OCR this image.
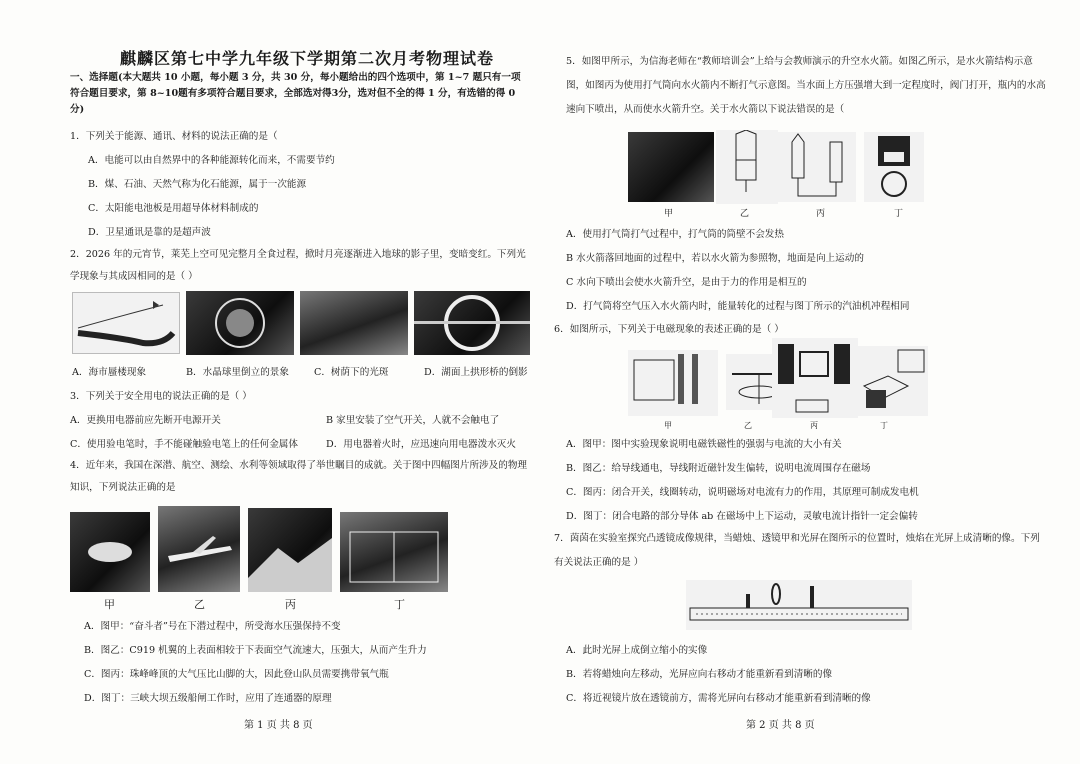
麒麟区第七中学九年级下学期第二次月考物理试卷
一、选择题(本大题共 10 小题，每小题 3 分，共 30 分，每小题给出的四个选项中，第 1~7 题只有一项符合题目要求，第 8~10题有多项符合题目要求，全部选对得3分，选对但不全的得 1 分，有选错的得 0 分)
1．下列关于能源、通讯、材料的说法正确的是（
A．电能可以由自然界中的各种能源转化而来，不需要节约
B．煤、石油、天然气称为化石能源，属于一次能源
C．太阳能电池板是用超导体材料制成的
D．卫星通讯是靠的是超声波
2．2026 年的元宵节，莱芜上空可见完整月全食过程，掀时月亮逐渐进入地球的影子里，变暗变红。下列光学现象与其成因相同的是（ ）
A．海市蜃楼现象	B．水晶球里倒立的景象	C．树荫下的光斑	D．湖面上拱形桥的倒影
3．下列关于安全用电的说法正确的是（ ）
A．更换用电器前应先断开电源开关	B 家里安装了空气开关，人就不会触电了
C．使用验电笔时，手不能碰触验电笔上的任何金属体	D．用电器着火时，应迅速向用电器泼水灭火
4．近年来，我国在深潜、航空、测绘、水利等领域取得了举世瞩目的成就。关于图中四幅图片所涉及的物理知识，下列说法正确的是
甲	乙	丙	丁
A．图甲：“奋斗者”号在下潜过程中，所受海水压强保持不变
B．图乙：C919 机翼的上表面相较于下表面空气流速大，压强大，从而产生升力
C．图丙：珠峰峰顶的大气压比山脚的大，因此登山队员需要携带氧气瓶
D．图丁：三峡大坝五级船闸工作时，应用了连通器的原理
第 1 页 共 8 页
5．如图甲所示，为信海老师在“教师培训会”上给与会教师演示的升空水火箭。如图乙所示，是水火箭结构示意图，如图丙为使用打气筒向水火箭内不断打气示意图。当水面上方压强增大到一定程度时，阀门打开，瓶内的水高速向下喷出，从而使水火箭升空。关于水火箭以下说法错误的是（
甲	乙	丙	丁
A．使用打气筒打气过程中，打气筒的筒壁不会发热
B 水火箭落回地面的过程中，若以水火箭为参照物，地面是向上运动的
C 水向下喷出会使水火箭升空，是由于力的作用是相互的
D．打气筒将空气压入水火箭内时，能量转化的过程与图丁所示的汽油机冲程相同
6．如图所示，下列关于电磁现象的表述正确的是（ ）
甲	乙	丙	丁
A．图甲：图中实验现象说明电磁铁磁性的强弱与电流的大小有关
B．图乙：给导线通电，导线附近磁针发生偏转，说明电流周围存在磁场
C．图丙：闭合开关，线圈转动，说明磁场对电流有力的作用，其原理可制成发电机
D．图丁：闭合电路的部分导体 ab 在磁场中上下运动，灵敏电流计指针一定会偏转
7．茵茵在实验室探究凸透镜成像规律，当蜡烛、透镜甲和光屏在图所示的位置时，烛焰在光屏上成清晰的像。下列有关说法正确的是 ）
A．此时光屏上成倒立缩小的实像
B．若将蜡烛向左移动，光屏应向右移动才能重新看到清晰的像
C．将近视镜片放在透镜前方，需将光屏向右移动才能重新看到清晰的像
第 2 页 共 8 页
